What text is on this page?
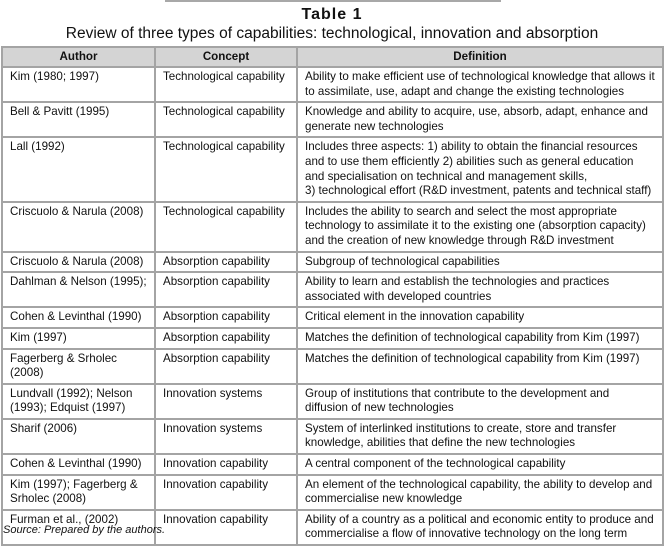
Table 1
Review of three types of capabilities: technological, innovation and absorption
Author	Concept	Definition
Kim (1980; 1997)	Technological capability	Ability to make efficient use of technological knowledge that allows it to assimilate, use, adapt and change the existing technologies
Bell & Pavitt (1995)	Technological capability	Knowledge and ability to acquire, use, absorb, adapt, enhance and generate new technologies
Lall (1992)	Technological capability	Includes three aspects: 1) ability to obtain the financial resources and to use them efficiently 2) abilities such as general education and specialisation on technical and management skills,
3) technological effort (R&D investment, patents and technical staff)
Criscuolo & Narula (2008)	Technological capability	Includes the ability to search and select the most appropriate technology to assimilate it to the existing one (absorption capacity) and the creation of new knowledge through R&D investment
Criscuolo & Narula (2008)	Absorption capability	Subgroup of technological capabilities
Dahlman & Nelson (1995);	Absorption capability	Ability to learn and establish the technologies and practices associated with developed countries
Cohen & Levinthal (1990)	Absorption capability	Critical element in the innovation capability
Kim (1997)	Absorption capability	Matches the definition of technological capability from Kim (1997)
Fagerberg & Srholec (2008)	Absorption capability	Matches the definition of technological capability from Kim (1997)
Lundvall (1992); Nelson (1993); Edquist (1997)	Innovation systems	Group of institutions that contribute to the development and diffusion of new technologies
Sharif (2006)	Innovation systems	System of interlinked institutions to create, store and transfer knowledge, abilities that define the new technologies
Cohen & Levinthal (1990)	Innovation capability	A central component of the technological capability
Kim (1997); Fagerberg & Srholec (2008)	Innovation capability	An element of the technological capability, the ability to develop and commercialise new knowledge
Furman et al., (2002)	Innovation capability	Ability of a country as a political and economic entity to produce and commercialise a flow of innovative technology on the long term
Source: Prepared by the authors.
